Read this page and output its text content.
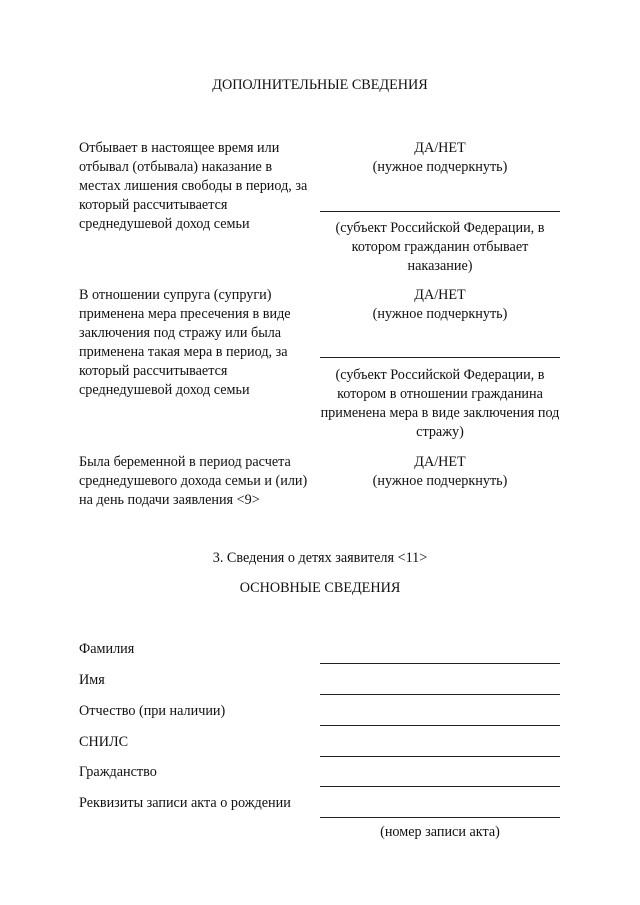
ДОПОЛНИТЕЛЬНЫЕ СВЕДЕНИЯ
Отбывает в настоящее время или отбывал (отбывала) наказание в местах лишения свободы в период, за который рассчитывается среднедушевой доход семьи
ДА/НЕТ
(нужное подчеркнуть)
(субъект Российской Федерации, в котором гражданин отбывает наказание)
В отношении супруга (супруги) применена мера пресечения в виде заключения под стражу или была применена такая мера в период, за который рассчитывается среднедушевой доход семьи
ДА/НЕТ
(нужное подчеркнуть)
(субъект Российской Федерации, в котором в отношении гражданина применена мера в виде заключения под стражу)
Была беременной в период расчета среднедушевого дохода семьи и (или) на день подачи заявления <9>
ДА/НЕТ
(нужное подчеркнуть)
3. Сведения о детях заявителя <11>
ОСНОВНЫЕ СВЕДЕНИЯ
Фамилия
Имя
Отчество (при наличии)
СНИЛС
Гражданство
Реквизиты записи акта о рождении
(номер записи акта)
